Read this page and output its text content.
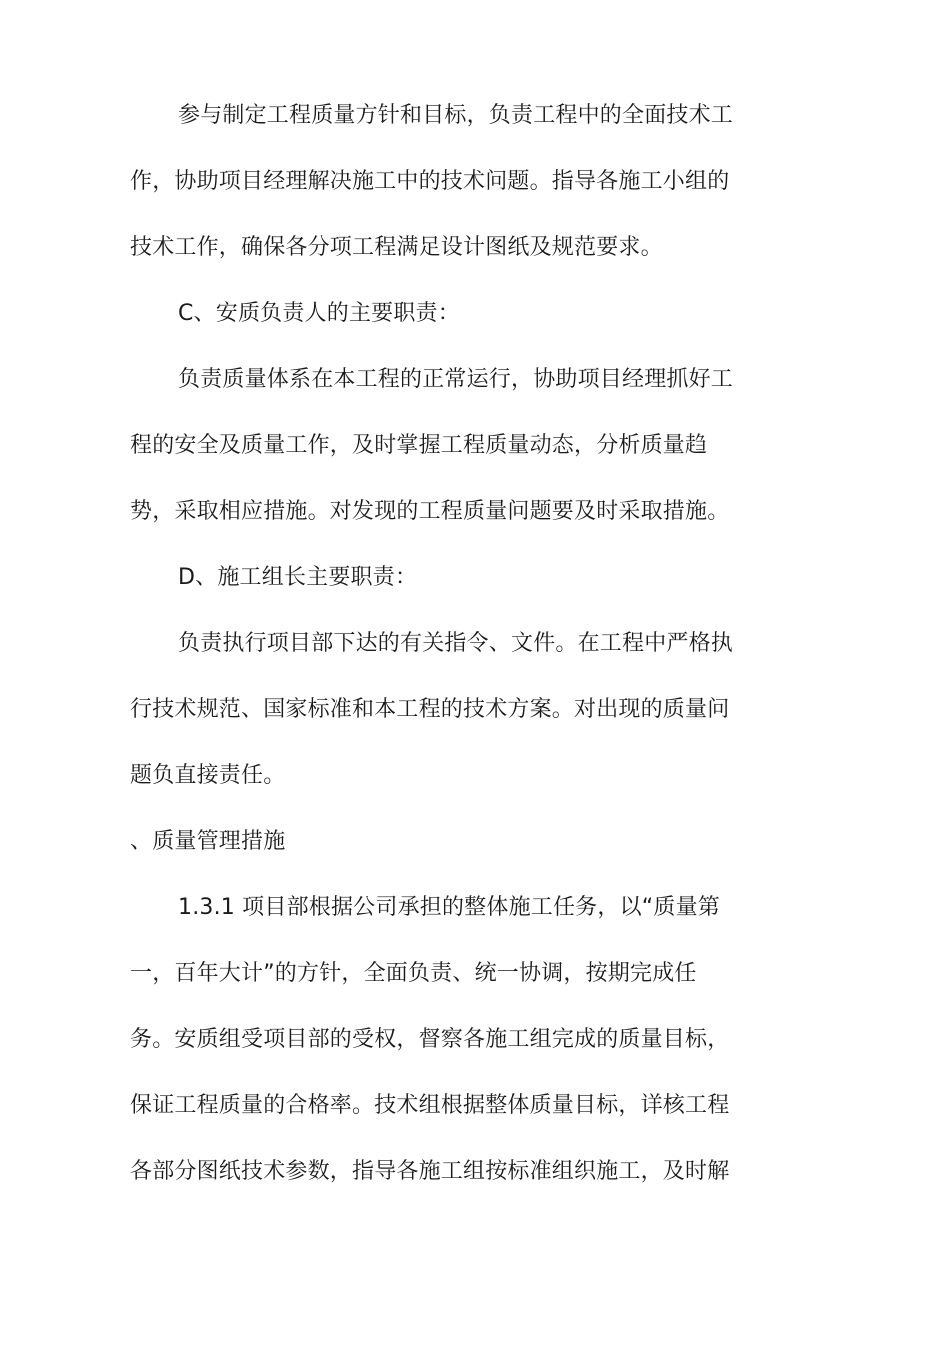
参与制定工程质量方针和目标，负责工程中的全面技术工
作，协助项目经理解决施工中的技术问题。指导各施工小组的
技术工作，确保各分项工程满足设计图纸及规范要求。
C、安质负责人的主要职责：
负责质量体系在本工程的正常运行，协助项目经理抓好工
程的安全及质量工作，及时掌握工程质量动态，分析质量趋
势，采取相应措施。对发现的工程质量问题要及时采取措施。
D、施工组长主要职责：
负责执行项目部下达的有关指令、文件。在工程中严格执
行技术规范、国家标准和本工程的技术方案。对出现的质量问
题负直接责任。
、质量管理措施
1.3.1 项目部根据公司承担的整体施工任务，以“质量第
一，百年大计”的方针，全面负责、统一协调，按期完成任
务。安质组受项目部的受权，督察各施工组完成的质量目标，
保证工程质量的合格率。技术组根据整体质量目标，详核工程
各部分图纸技术参数，指导各施工组按标准组织施工，及时解
